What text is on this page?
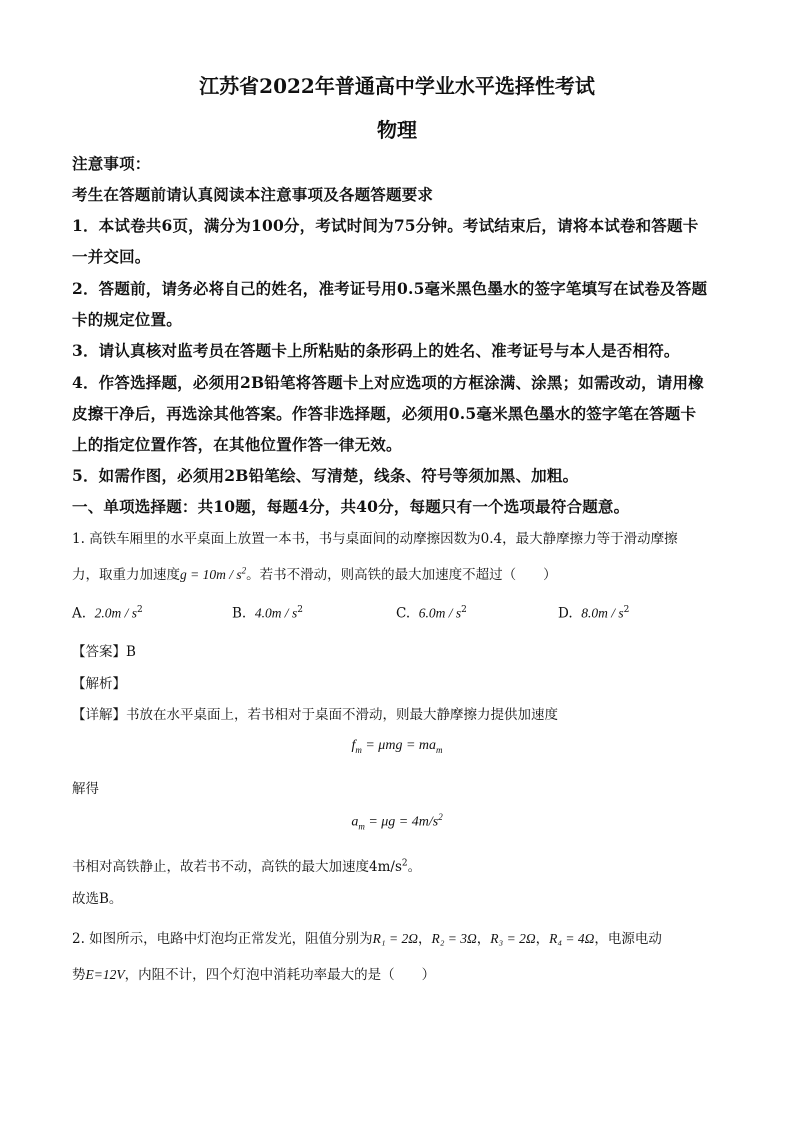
江苏省2022年普通高中学业水平选择性考试
物理
注意事项：
考生在答题前请认真阅读本注意事项及各题答题要求
1．本试卷共6页，满分为100分，考试时间为75分钟。考试结束后，请将本试卷和答题卡
一并交回。
2．答题前，请务必将自己的姓名，准考证号用0.5毫米黑色墨水的签字笔填写在试卷及答题
卡的规定位置。
3．请认真核对监考员在答题卡上所粘贴的条形码上的姓名、准考证号与本人是否相符。
4．作答选择题，必须用2B铅笔将答题卡上对应选项的方框涂满、涂黑；如需改动，请用橡
皮擦干净后，再选涂其他答案。作答非选择题，必须用0.5毫米黑色墨水的签字笔在答题卡
上的指定位置作答，在其他位置作答一律无效。
5．如需作图，必须用2B铅笔绘、写清楚，线条、符号等须加黑、加粗。
一、单项选择题：共10题，每题4分，共40分，每题只有一个选项最符合题意。
1. 高铁车厢里的水平桌面上放置一本书，书与桌面间的动摩擦因数为0.4，最大静摩擦力等于滑动摩擦
力，取重力加速度$g = 10m / s^2$。若书不滑动，则高铁的最大加速度不超过（　　）
A. $2.0m / s^2$	B. $4.0m / s^2$	C. $6.0m / s^2$	D. $8.0m / s^2$
【答案】B
【解析】
【详解】书放在水平桌面上，若书相对于桌面不滑动，则最大静摩擦力提供加速度
$f_m = \mu mg = ma_m$
解得
$a_m = \mu g = 4m/s^2$
书相对高铁静止，故若书不动，高铁的最大加速度$4m/s^2$。
故选B。
2. 如图所示，电路中灯泡均正常发光，阻值分别为R₁ = 2Ω，R₂ = 3Ω，R₃ = 2Ω，R₄ = 4Ω，电源电动
势E=12V，内阻不计，四个灯泡中消耗功率最大的是（　　）
